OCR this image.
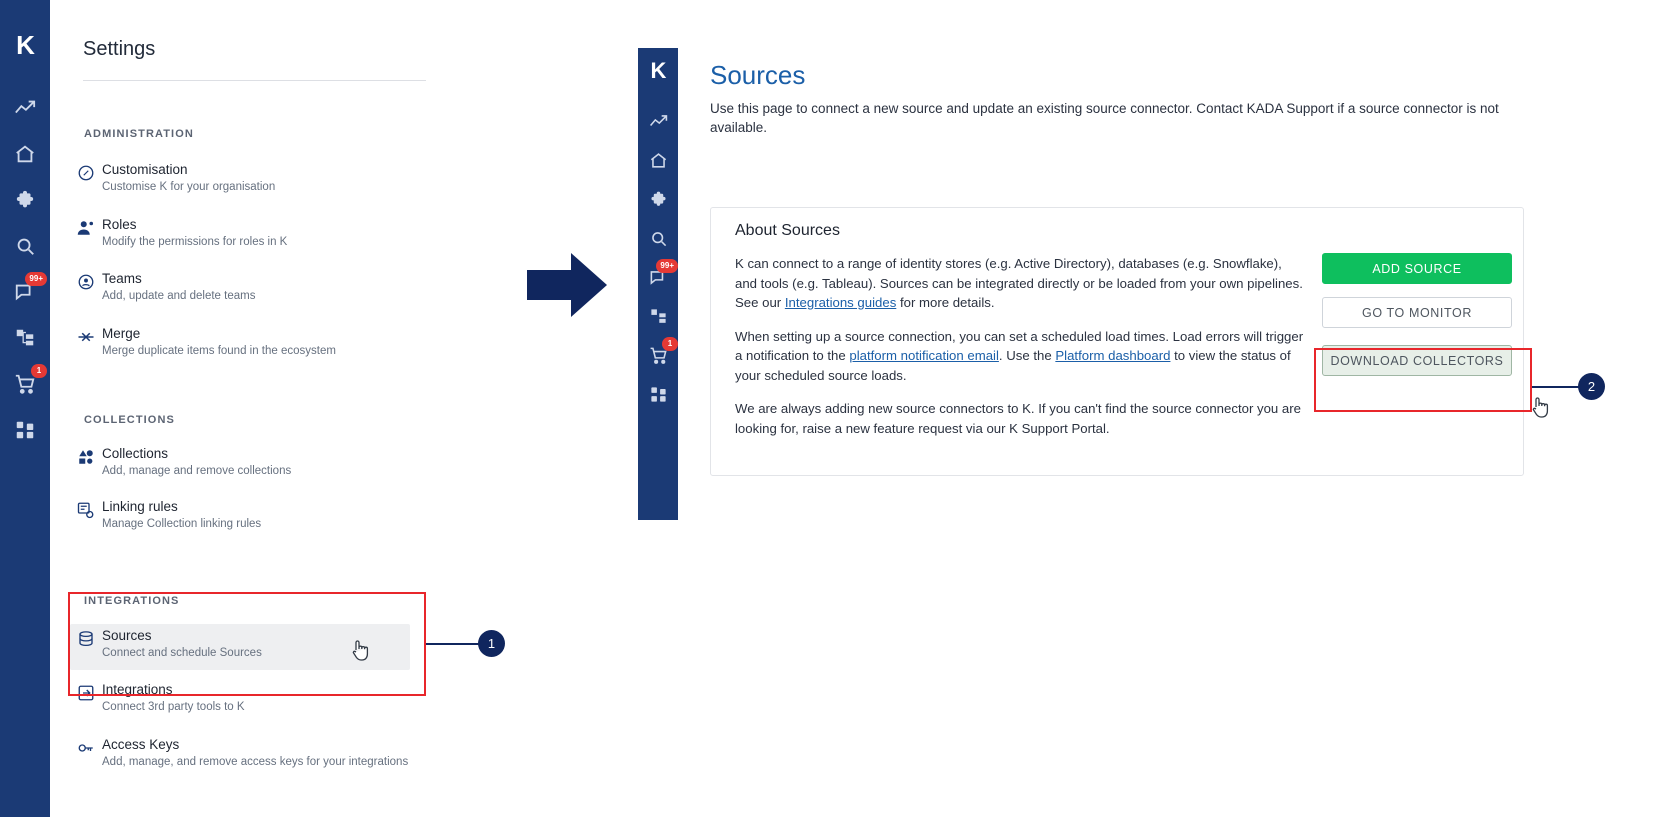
K
99+
1
Settings
ADMINISTRATION
Customisation
Customise K for your organisation
Roles
Modify the permissions for roles in K
Teams
Add, update and delete teams
Merge
Merge duplicate items found in the ecosystem
COLLECTIONS
Collections
Add, manage and remove collections
Linking rules
Manage Collection linking rules
INTEGRATIONS
Sources
Connect and schedule Sources
Integrations
Connect 3rd party tools to K
Access Keys
Add, manage, and remove access keys for your integrations
K
99+
1
Sources

Use this page to connect a new source and update an existing source connector. Contact KADA Support if a source connector is not available.

About Sources

K can connect to a range of identity stores (e.g. Active Directory), databases (e.g. Snowflake), and tools (e.g. Tableau). Sources can be integrated directly or be loaded from your own pipelines. See our Integrations guides for more details.

When setting up a source connection, you can set a scheduled load times. Load errors will trigger a notification to the platform notification email. Use the Platform dashboard to view the status of your scheduled source loads.

We are always adding new source connectors to K. If you can't find the source connector you are looking for, raise a new feature request via our K Support Portal.

ADD SOURCE
GO TO MONITOR
DOWNLOAD COLLECTORS
1
2
